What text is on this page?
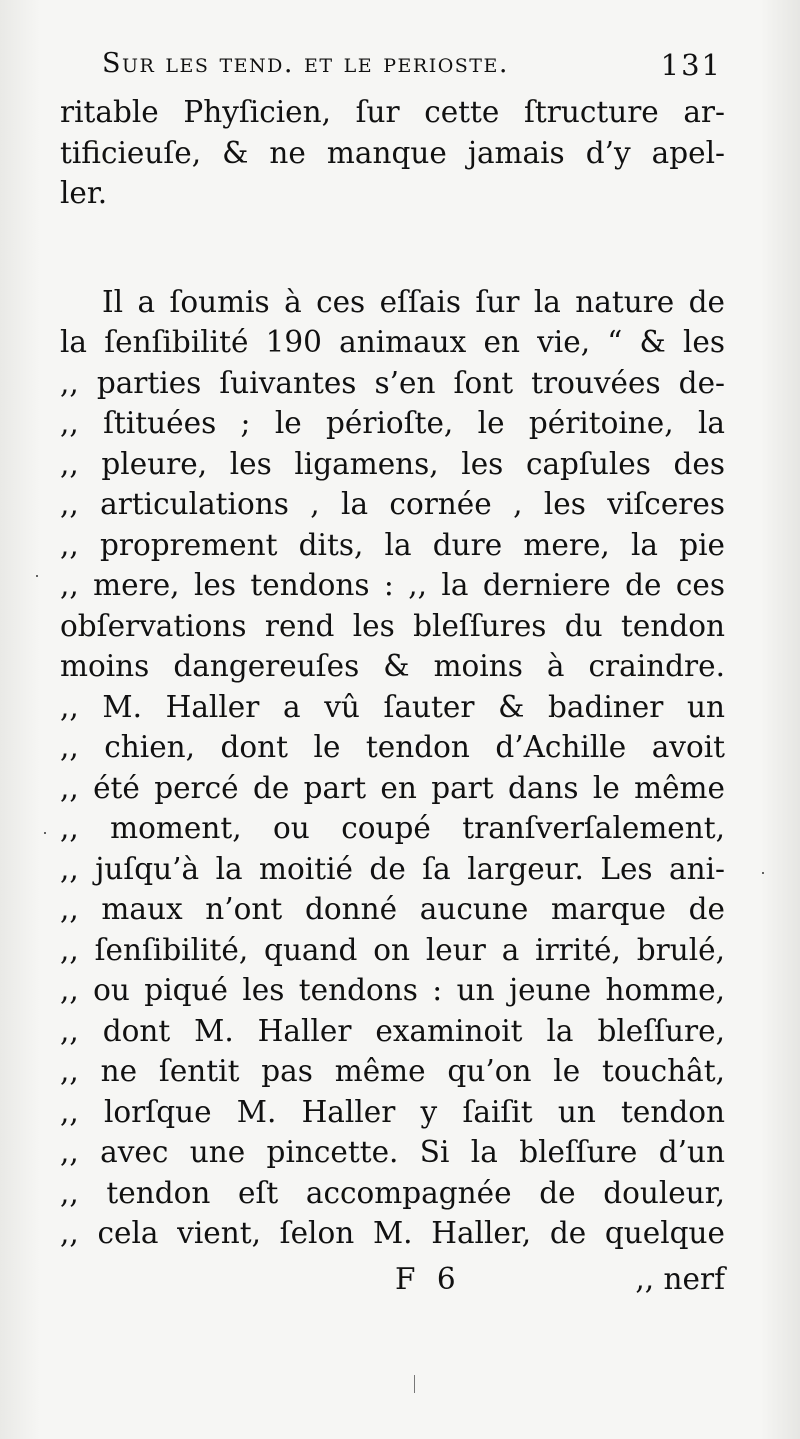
Sur les tend. et le perioste.	131
ritable Phyſicien, ſur cette ſtructure ar-
tificieuſe, & ne manque jamais d’y apel-
ler.
Il a ſoumis à ces eſſais ſur la nature de
la ſenſibilité 190 animaux en vie, “ & les
,, parties ſuivantes s’en ſont trouvées de-
,, ſtituées ; le périoſte, le péritoine, la
,, pleure, les ligamens, les capſules des
,, articulations , la cornée , les viſceres
,, proprement dits, la dure mere, la pie
,, mere, les tendons : ,, la derniere de ces
obſervations rend les bleſſures du tendon
moins dangereuſes & moins à craindre.
,, M. Haller a vû ſauter & badiner un
,, chien, dont le tendon d’Achille avoit
,, été percé de part en part dans le même
,, moment, ou coupé tranſverſalement,
,, juſqu’à la moitié de ſa largeur. Les ani-
,, maux n’ont donné aucune marque de
,, ſenſibilité, quand on leur a irrité, brulé,
,, ou piqué les tendons : un jeune homme,
,, dont M. Haller examinoit la bleſſure,
,, ne ſentit pas même qu’on le touchât,
,, lorſque M. Haller y ſaiſit un tendon
,, avec une pincette. Si la bleſſure d’un
,, tendon eſt accompagnée de douleur,
,, cela vient, ſelon M. Haller, de quelque
F 6	,, nerf
